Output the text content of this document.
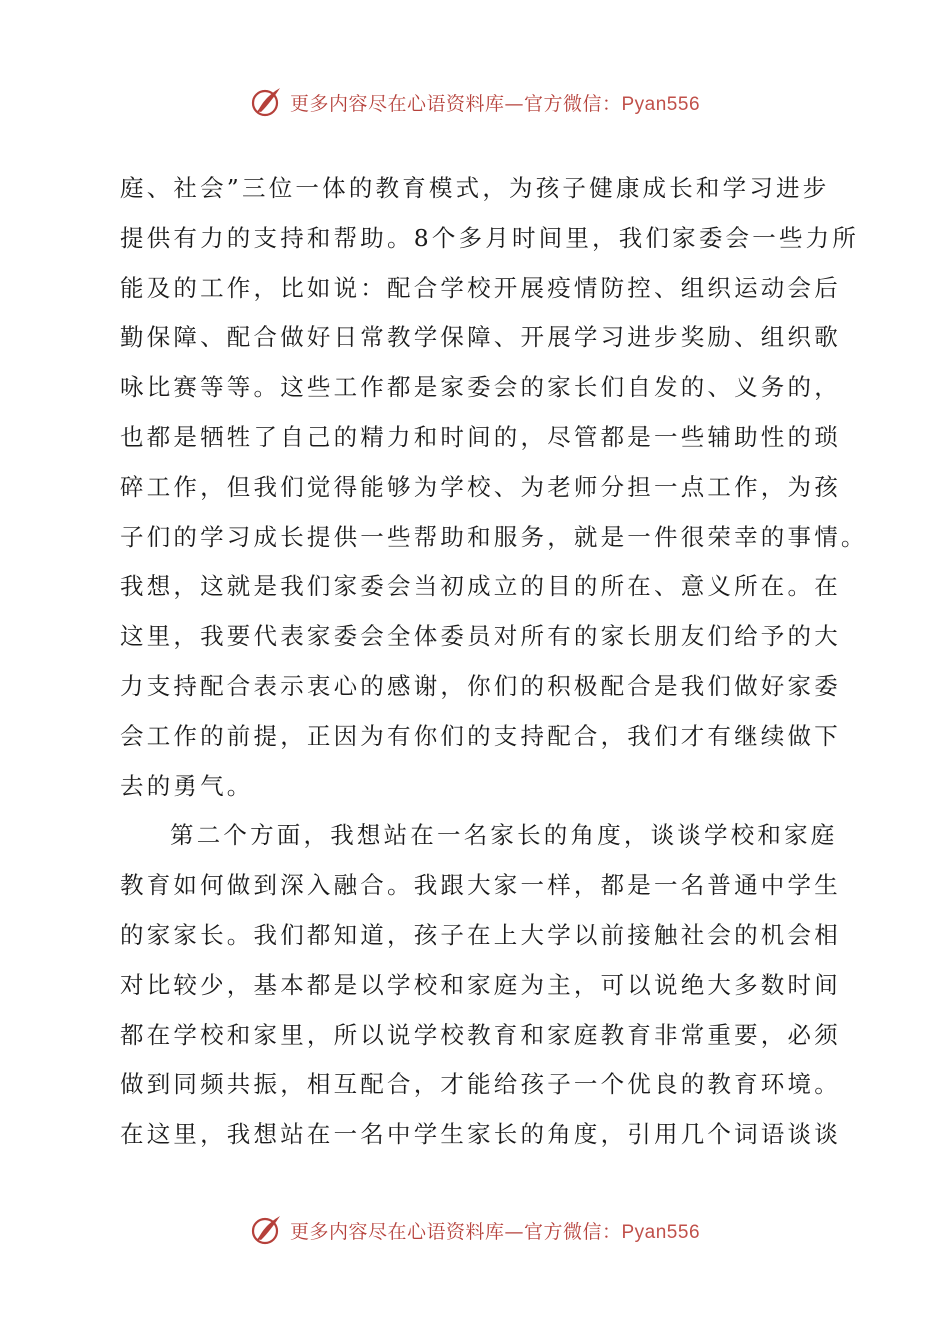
更多内容尽在心语资料库—官方微信：Pyan556
庭、社会”三位一体的教育模式，为孩子健康成长和学习进步
提供有力的支持和帮助。8个多月时间里，我们家委会一些力所
能及的工作，比如说：配合学校开展疫情防控、组织运动会后
勤保障、配合做好日常教学保障、开展学习进步奖励、组织歌
咏比赛等等。这些工作都是家委会的家长们自发的、义务的，
也都是牺牲了自己的精力和时间的，尽管都是一些辅助性的琐
碎工作，但我们觉得能够为学校、为老师分担一点工作，为孩
子们的学习成长提供一些帮助和服务，就是一件很荣幸的事情。
我想，这就是我们家委会当初成立的目的所在、意义所在。在
这里，我要代表家委会全体委员对所有的家长朋友们给予的大
力支持配合表示衷心的感谢，你们的积极配合是我们做好家委
会工作的前提，正因为有你们的支持配合，我们才有继续做下
去的勇气。
第二个方面，我想站在一名家长的角度，谈谈学校和家庭
教育如何做到深入融合。我跟大家一样，都是一名普通中学生
的家家长。我们都知道，孩子在上大学以前接触社会的机会相
对比较少，基本都是以学校和家庭为主，可以说绝大多数时间
都在学校和家里，所以说学校教育和家庭教育非常重要，必须
做到同频共振，相互配合，才能给孩子一个优良的教育环境。
在这里，我想站在一名中学生家长的角度，引用几个词语谈谈
更多内容尽在心语资料库—官方微信：Pyan556
